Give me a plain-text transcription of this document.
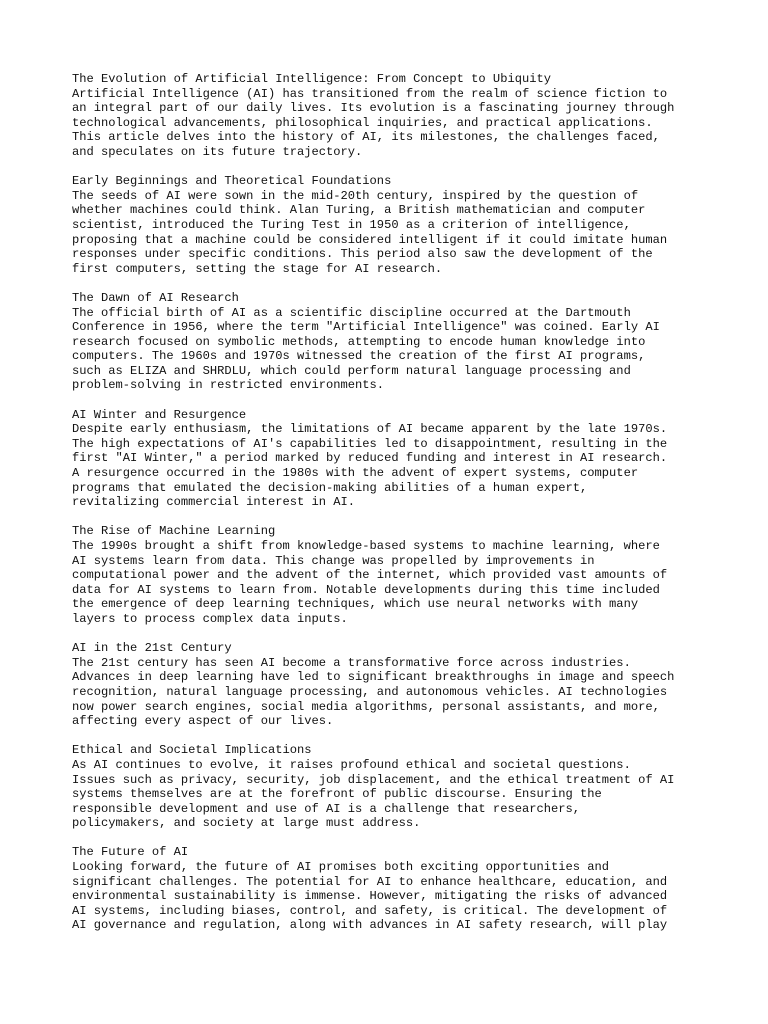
The Evolution of Artificial Intelligence: From Concept to Ubiquity
Artificial Intelligence (AI) has transitioned from the realm of science fiction to
an integral part of our daily lives. Its evolution is a fascinating journey through
technological advancements, philosophical inquiries, and practical applications.
This article delves into the history of AI, its milestones, the challenges faced,
and speculates on its future trajectory.
Early Beginnings and Theoretical Foundations
The seeds of AI were sown in the mid-20th century, inspired by the question of
whether machines could think. Alan Turing, a British mathematician and computer
scientist, introduced the Turing Test in 1950 as a criterion of intelligence,
proposing that a machine could be considered intelligent if it could imitate human
responses under specific conditions. This period also saw the development of the
first computers, setting the stage for AI research.
The Dawn of AI Research
The official birth of AI as a scientific discipline occurred at the Dartmouth
Conference in 1956, where the term "Artificial Intelligence" was coined. Early AI
research focused on symbolic methods, attempting to encode human knowledge into
computers. The 1960s and 1970s witnessed the creation of the first AI programs,
such as ELIZA and SHRDLU, which could perform natural language processing and
problem-solving in restricted environments.
AI Winter and Resurgence
Despite early enthusiasm, the limitations of AI became apparent by the late 1970s.
The high expectations of AI's capabilities led to disappointment, resulting in the
first "AI Winter," a period marked by reduced funding and interest in AI research.
A resurgence occurred in the 1980s with the advent of expert systems, computer
programs that emulated the decision-making abilities of a human expert,
revitalizing commercial interest in AI.
The Rise of Machine Learning
The 1990s brought a shift from knowledge-based systems to machine learning, where
AI systems learn from data. This change was propelled by improvements in
computational power and the advent of the internet, which provided vast amounts of
data for AI systems to learn from. Notable developments during this time included
the emergence of deep learning techniques, which use neural networks with many
layers to process complex data inputs.
AI in the 21st Century
The 21st century has seen AI become a transformative force across industries.
Advances in deep learning have led to significant breakthroughs in image and speech
recognition, natural language processing, and autonomous vehicles. AI technologies
now power search engines, social media algorithms, personal assistants, and more,
affecting every aspect of our lives.
Ethical and Societal Implications
As AI continues to evolve, it raises profound ethical and societal questions.
Issues such as privacy, security, job displacement, and the ethical treatment of AI
systems themselves are at the forefront of public discourse. Ensuring the
responsible development and use of AI is a challenge that researchers,
policymakers, and society at large must address.
The Future of AI
Looking forward, the future of AI promises both exciting opportunities and
significant challenges. The potential for AI to enhance healthcare, education, and
environmental sustainability is immense. However, mitigating the risks of advanced
AI systems, including biases, control, and safety, is critical. The development of
AI governance and regulation, along with advances in AI safety research, will play
